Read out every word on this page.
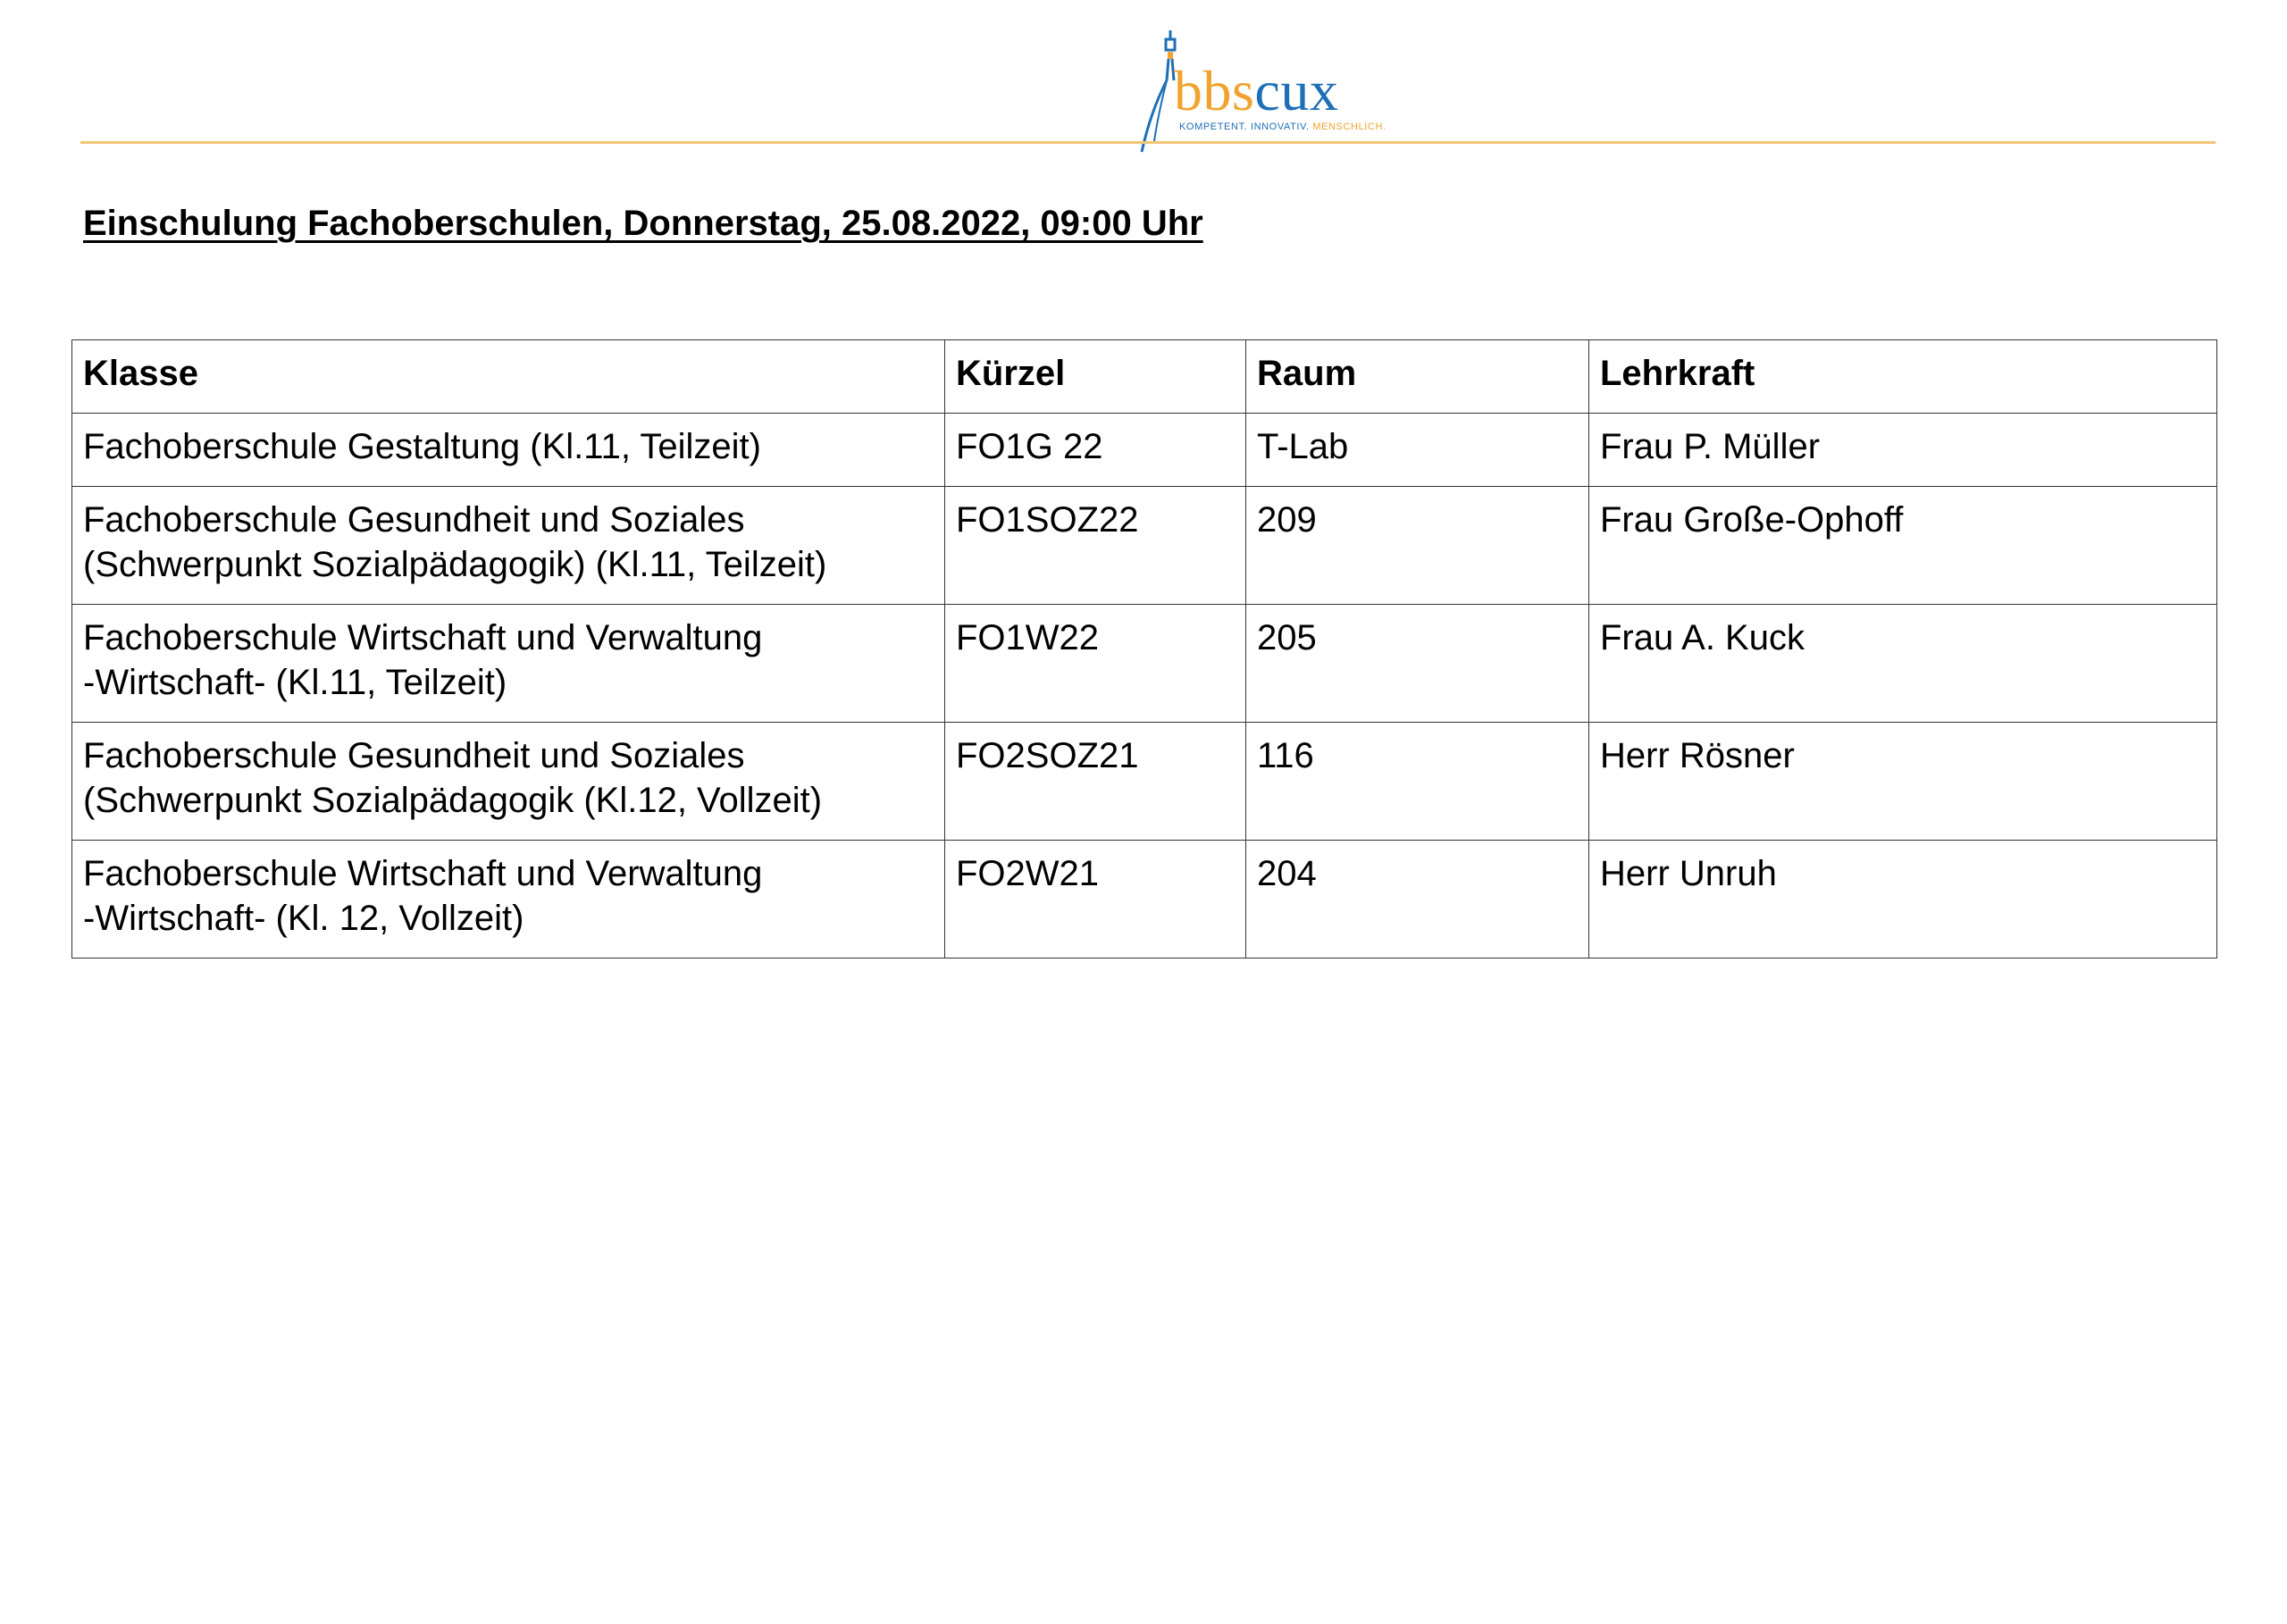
bbscux
KOMPETENT. INNOVATIV. MENSCHLICH.
Einschulung Fachoberschulen, Donnerstag, 25.08.2022, 09:00 Uhr
Klasse	Kürzel	Raum	Lehrkraft

Fachoberschule Gestaltung (Kl.11, Teilzeit)	FO1G 22	T-Lab	Frau P. Müller

Fachoberschule Gesundheit und Soziales
(Schwerpunkt Sozialpädagogik) (Kl.11, Teilzeit)	FO1SOZ22	209	Frau Große-Ophoff

Fachoberschule Wirtschaft und Verwaltung
-Wirtschaft- (Kl.11, Teilzeit)	FO1W22	205	Frau A. Kuck

Fachoberschule Gesundheit und Soziales
(Schwerpunkt Sozialpädagogik (Kl.12, Vollzeit)	FO2SOZ21	116	Herr Rösner

Fachoberschule Wirtschaft und Verwaltung
-Wirtschaft- (Kl. 12, Vollzeit)	FO2W21	204	Herr Unruh
